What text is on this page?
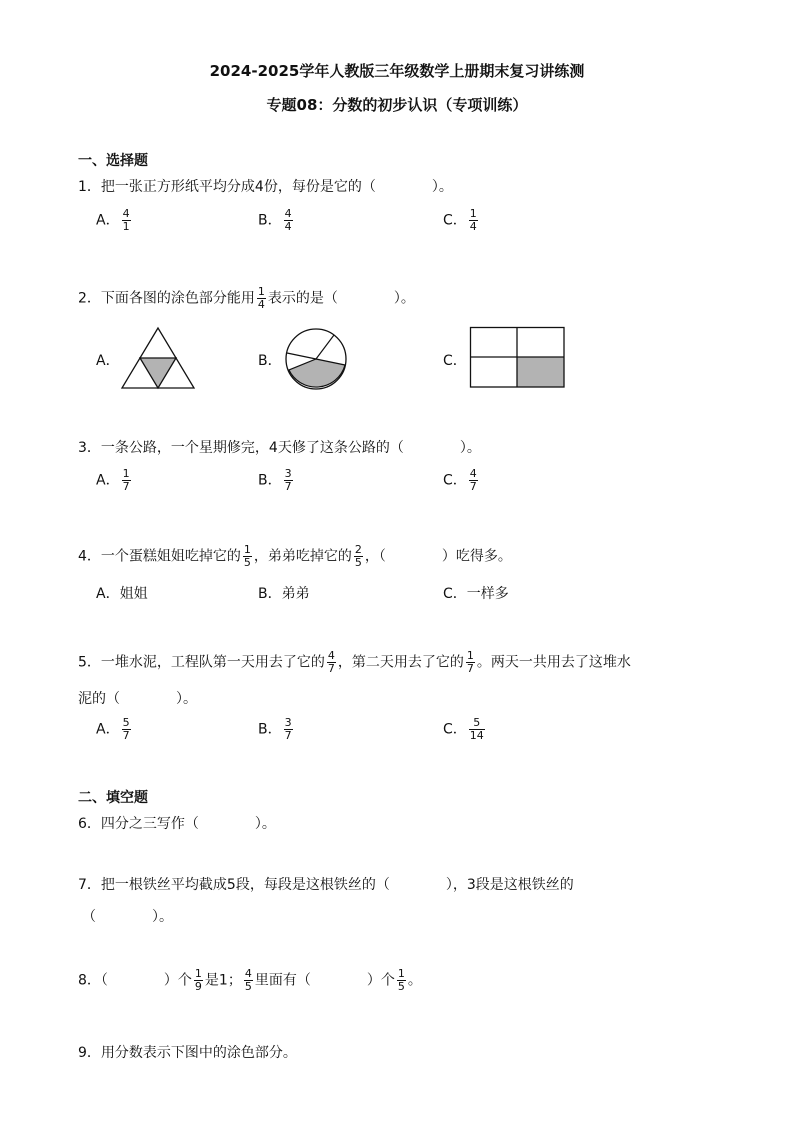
2024-2025学年人教版三年级数学上册期末复习讲练测
专题08：分数的初步认识（专项训练）
一、选择题
1．把一张正方形纸平均分成4份，每份是它的（　　　　）。
A． $\frac{4}{1}$	B． $\frac{4}{4}$	C． $\frac{1}{4}$
2．下面各图的涂色部分能用 $\frac{1}{4}$ 表示的是（　　　　）。
A．	B．	C．
3．一条公路，一个星期修完，4天修了这条公路的（　　　　）。
A． $\frac{1}{7}$	B． $\frac{3}{7}$	C． $\frac{4}{7}$
4．一个蛋糕姐姐吃掉它的 $\frac{1}{5}$ ，弟弟吃掉它的 $\frac{2}{5}$ ，（　　　　）吃得多。
A．姐姐	B．弟弟	C．一样多
5．一堆水泥，工程队第一天用去了它的 $\frac{4}{7}$ ，第二天用去了它的 $\frac{1}{7}$ 。两天一共用去了这堆水
泥的（　　　　）。
A． $\frac{5}{7}$	B． $\frac{3}{7}$	C． $\frac{5}{14}$
二、填空题
6．四分之三写作（　　　　）。
7．把一根铁丝平均截成5段，每段是这根铁丝的（　　　　），3段是这根铁丝的
（　　　　）。
8．（　　　　）个 $\frac{1}{9}$ 是1； $\frac{4}{5}$ 里面有（　　　　）个 $\frac{1}{5}$ 。
9．用分数表示下图中的涂色部分。
